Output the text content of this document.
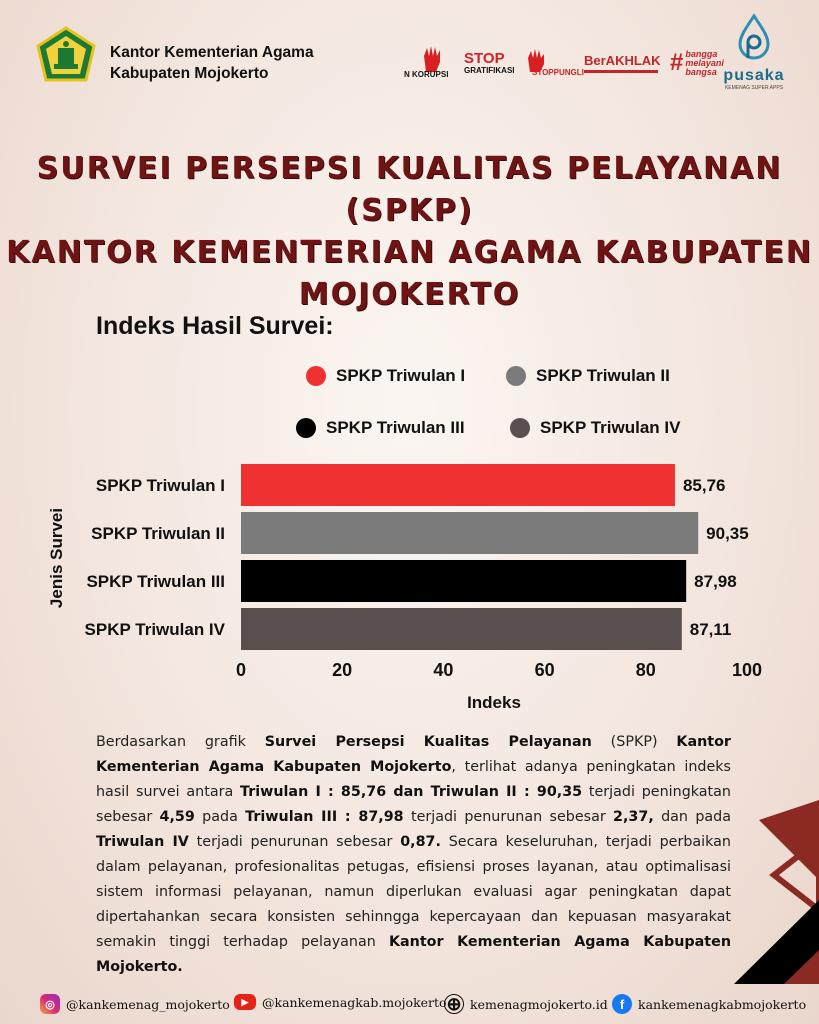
Kantor Kementerian Agama
Kabupaten Mojokerto	N KORUPSI
STOP
GRATIFIKASI	STOPPUNGLI
BerAKHLAK # bangga
melayani
bangsa pusaka
KEMENAG SUPER APPS
SURVEI PERSEPSI KUALITAS PELAYANAN (SPKP)
KANTOR KEMENTERIAN AGAMA KABUPATEN
MOJOKERTO
Indeks Hasil Survei:
SPKP Triwulan I	SPKP Triwulan II
SPKP Triwulan III	SPKP Triwulan IV
SPKP Triwulan I
SPKP Triwulan II
SPKP Triwulan III
SPKP Triwulan IV
85,76
90,35
87,98
87,11
0	20	40	60	80	100
Indeks
Jenis Survei
Berdasarkan grafik Survei Persepsi Kualitas Pelayanan (SPKP) Kantor Kementerian Agama Kabupaten Mojokerto, terlihat adanya peningkatan indeks hasil survei antara Triwulan I : 85,76 dan Triwulan II : 90,35 terjadi peningkatan sebesar 4,59 pada Triwulan III : 87,98 terjadi penurunan sebesar 2,37, dan pada Triwulan IV terjadi penurunan sebesar 0,87. Secara keseluruhan, terjadi perbaikan dalam pelayanan, profesionalitas petugas, efisiensi proses layanan, atau optimalisasi sistem informasi pelayanan, namun diperlukan evaluasi agar peningkatan dapat dipertahankan secara konsisten sehinngga kepercayaan dan kepuasan masyarakat semakin tinggi terhadap pelayanan Kantor Kementerian Agama Kabupaten Mojokerto.
◎ @kankemenag_mojokerto	▶	@kankemenagkab.mojokerto ⊕ kemenagmojokerto.id f	kankemenagkabmojokerto
